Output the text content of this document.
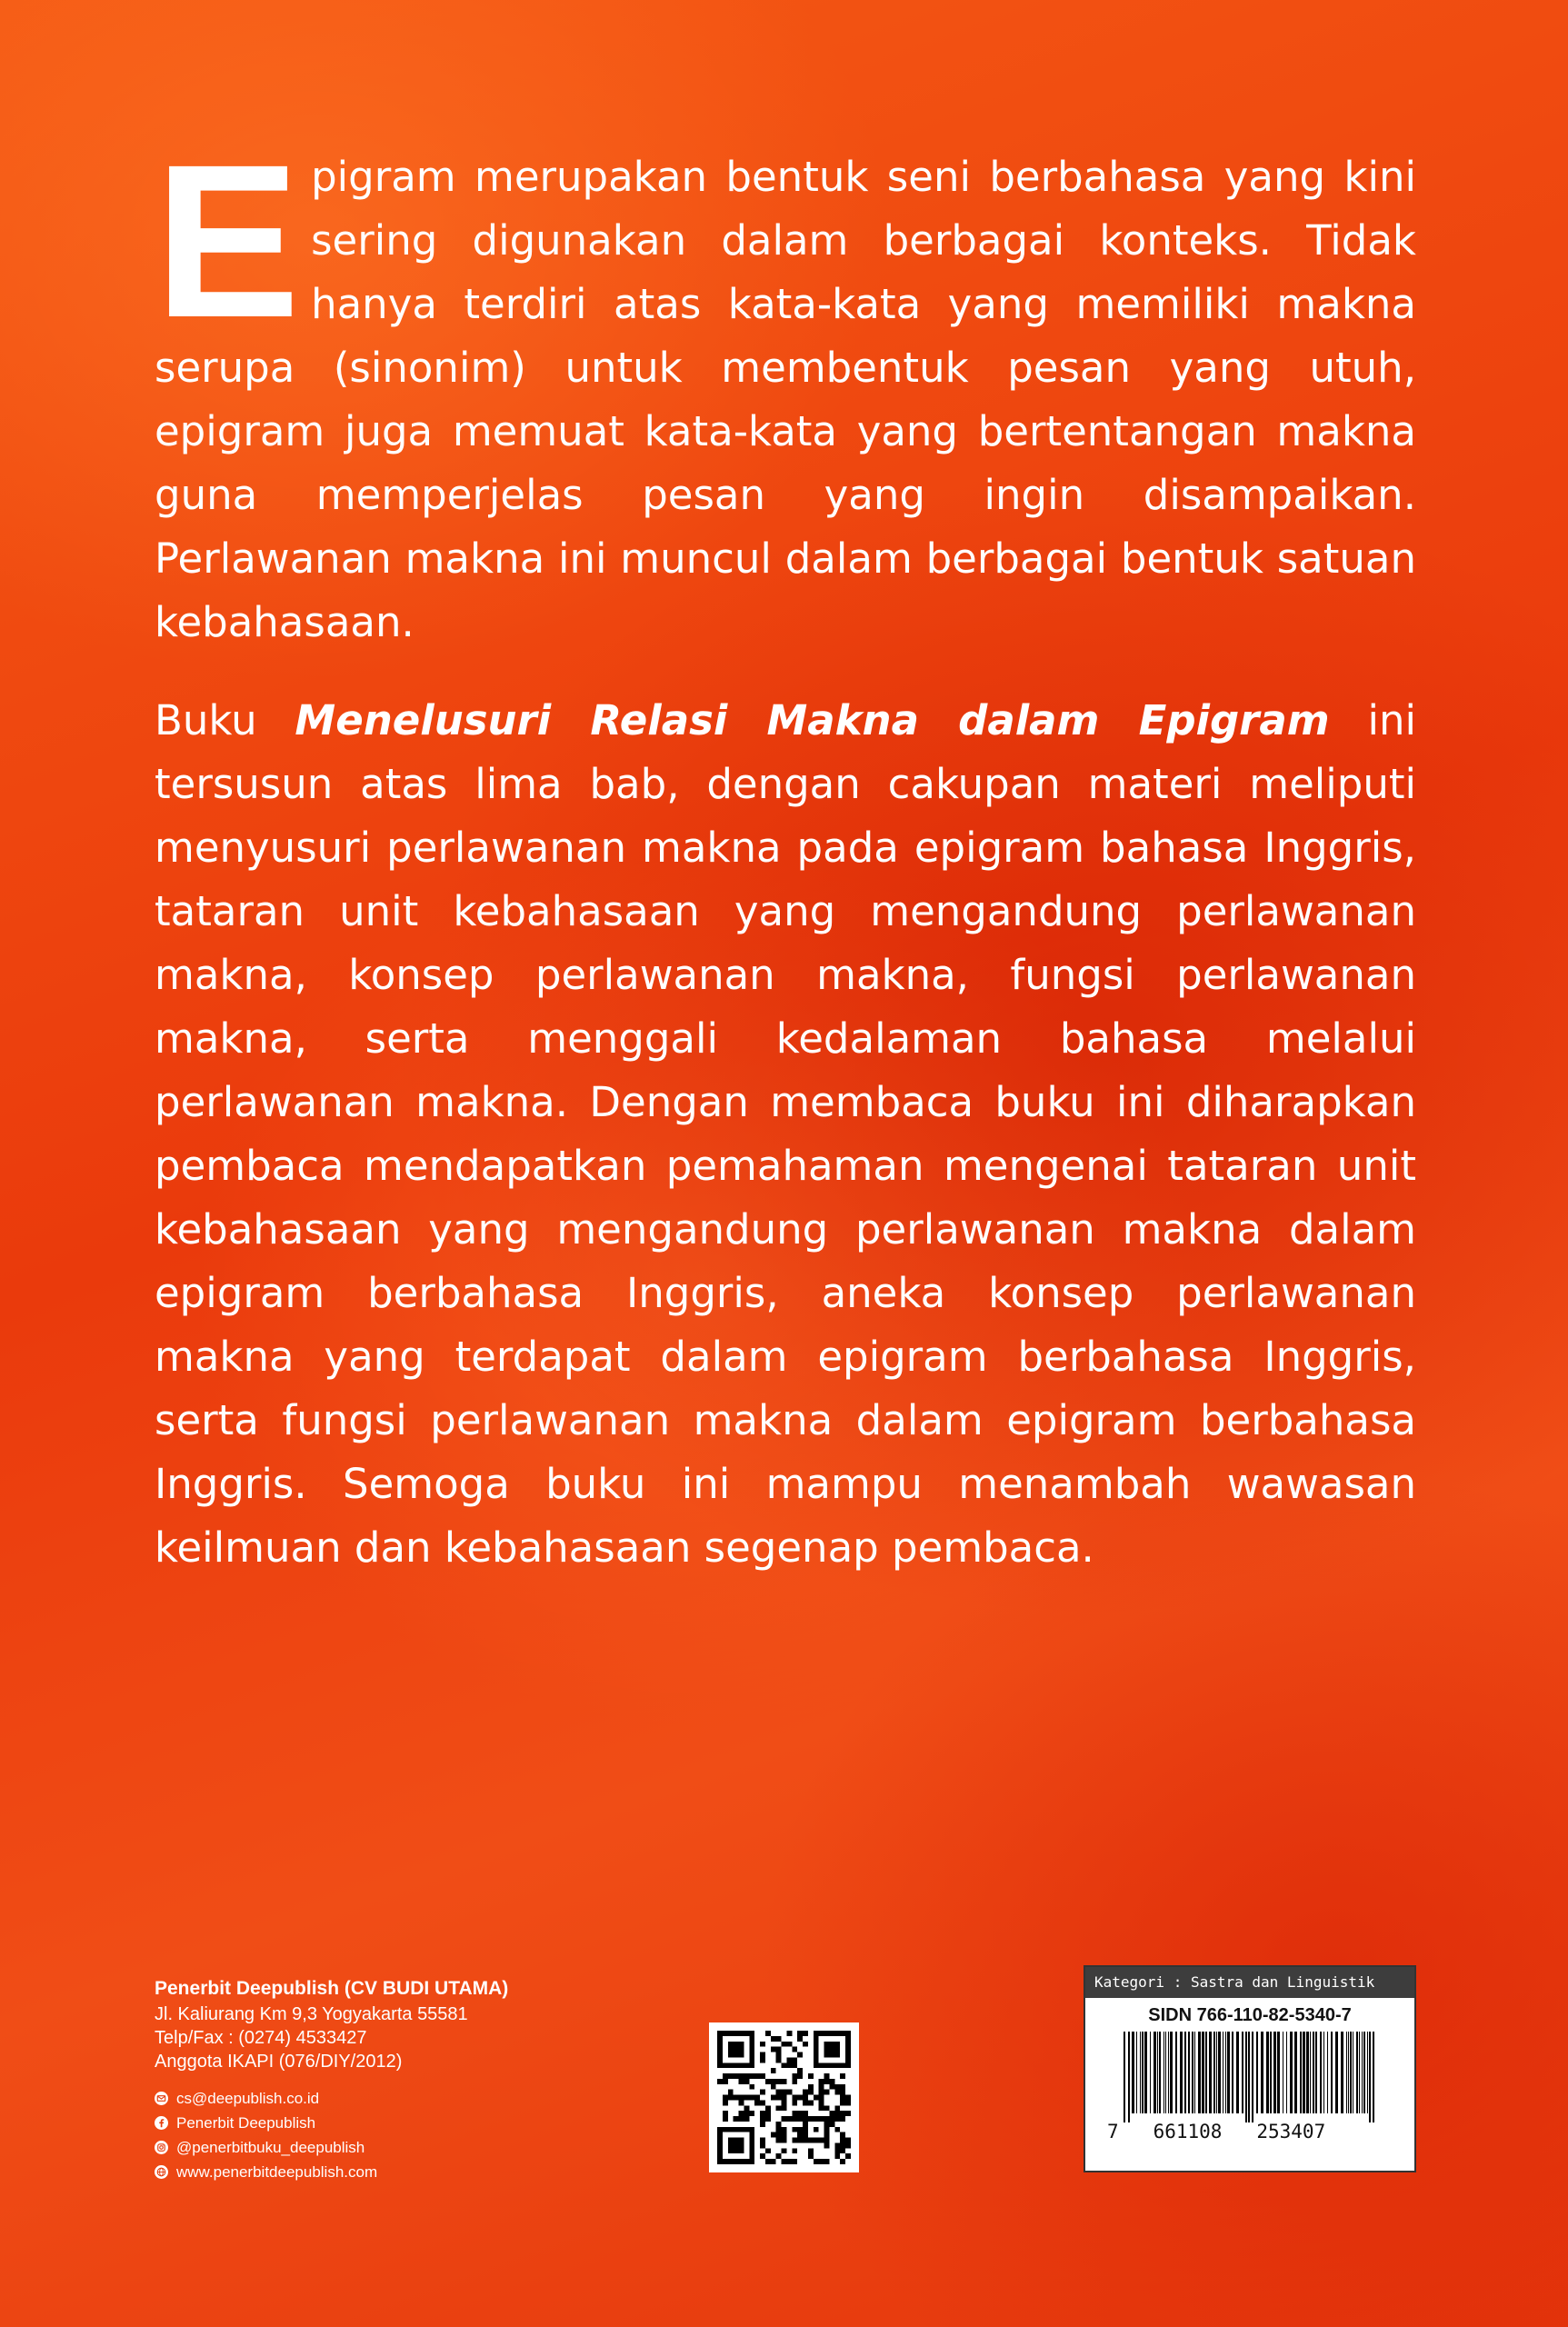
Epigram merupakan bentuk seni berbahasa yang kini sering digunakan dalam berbagai konteks. Tidak hanya terdiri atas kata-kata yang memiliki makna serupa (sinonim) untuk membentuk pesan yang utuh, epigram juga memuat kata-kata yang bertentangan makna guna memperjelas pesan yang ingin disampaikan. Perlawanan makna ini muncul dalam berbagai bentuk satuan kebahasaan.

Buku Menelusuri Relasi Makna dalam Epigram ini tersusun atas lima bab, dengan cakupan materi meliputi menyusuri perlawanan makna pada epigram bahasa Inggris, tataran unit kebahasaan yang mengandung perlawanan makna, konsep perlawanan makna, fungsi perlawanan makna, serta menggali kedalaman bahasa melalui perlawanan makna. Dengan membaca buku ini diharapkan pembaca mendapatkan pemahaman mengenai tataran unit kebahasaan yang mengandung perlawanan makna dalam epigram berbahasa Inggris, aneka konsep perlawanan makna yang terdapat dalam epigram berbahasa Inggris, serta fungsi perlawanan makna dalam epigram berbahasa Inggris. Semoga buku ini mampu menambah wawasan keilmuan dan kebahasaan segenap pembaca.

Penerbit Deepublish (CV BUDI UTAMA)
Jl. Kaliurang Km 9,3 Yogyakarta 55581
Telp/Fax : (0274) 4533427
Anggota IKAPI (076/DIY/2012)
cs@deepublish.co.id
Penerbit Deepublish
@penerbitbuku_deepublish
www.penerbitdeepublish.com
Kategori : Sastra dan Linguistik
SIDN 766-110-82-5340-7
7   661108   253407
